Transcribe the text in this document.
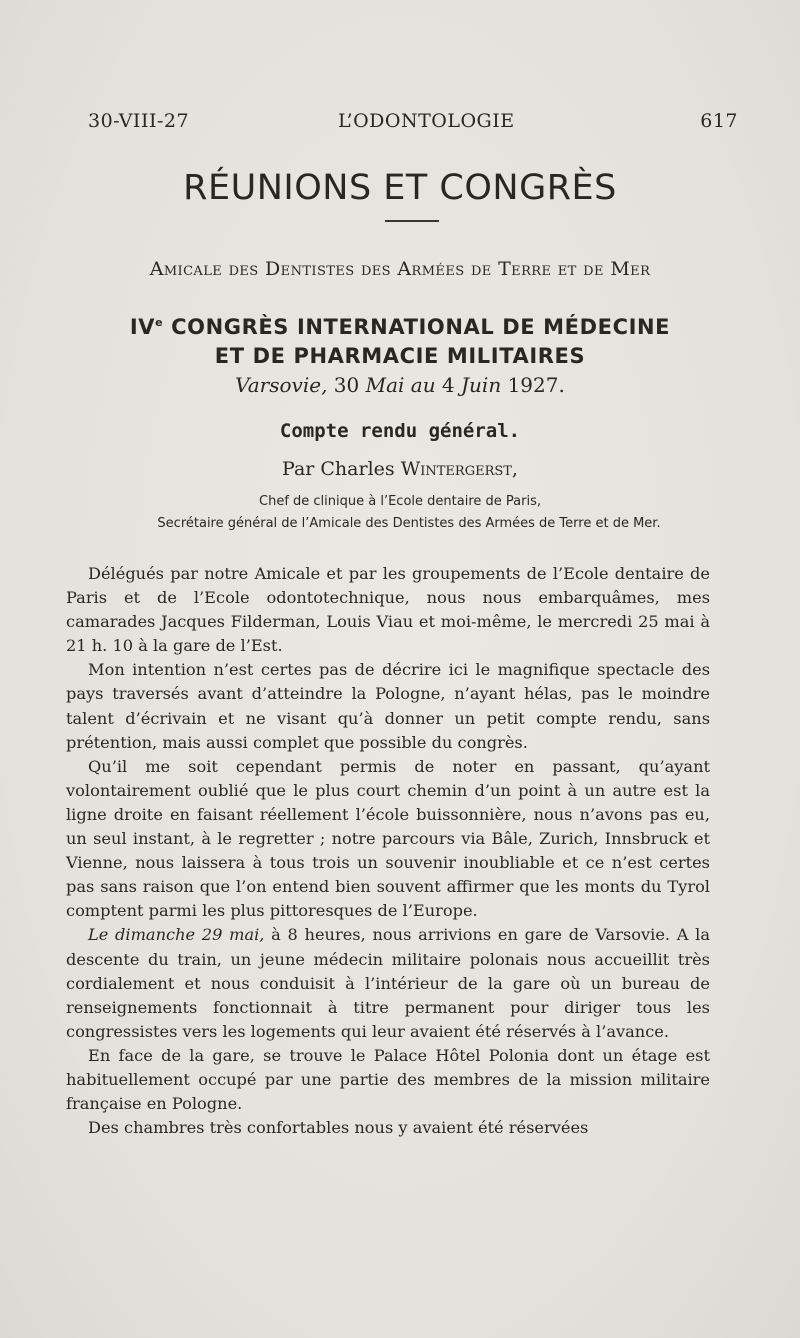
30-VIII-27	L’ODONTOLOGIE	617
RÉUNIONS ET CONGRÈS
Amicale des Dentistes des Armées de Terre et de Mer
IVe CONGRÈS INTERNATIONAL DE MÉDECINE
ET DE PHARMACIE MILITAIRES
Varsovie, 30 Mai au 4 Juin 1927.
Compte rendu général.
Par Charles Wintergerst,
Chef de clinique à l’Ecole dentaire de Paris,
Secrétaire général de l’Amicale des Dentistes des Armées de Terre et de Mer.

Délégués par notre Amicale et par les groupements de l’Ecole dentaire de Paris et de l’Ecole odontotechnique, nous nous embarquâmes, mes camarades Jacques Filderman, Louis Viau et moi-même, le mercredi 25 mai à 21 h. 10 à la gare de l’Est.

Mon intention n’est certes pas de décrire ici le magnifique spectacle des pays traversés avant d’atteindre la Pologne, n’ayant hélas, pas le moindre talent d’écrivain et ne visant qu’à donner un petit compte rendu, sans prétention, mais aussi complet que possible du congrès.

Qu’il me soit cependant permis de noter en passant, qu’ayant volontairement oublié que le plus court chemin d’un point à un autre est la ligne droite en faisant réellement l’école buissonnière, nous n’avons pas eu, un seul instant, à le regretter ; notre parcours via Bâle, Zurich, Innsbruck et Vienne, nous laissera à tous trois un souvenir inoubliable et ce n’est certes pas sans raison que l’on entend bien souvent affirmer que les monts du Tyrol comptent parmi les plus pittoresques de l’Europe.

Le dimanche 29 mai, à 8 heures, nous arrivions en gare de Varsovie. A la descente du train, un jeune médecin militaire polonais nous accueillit très cordialement et nous conduisit à l’intérieur de la gare où un bureau de renseignements fonctionnait à titre permanent pour diriger tous les congressistes vers les logements qui leur avaient été réservés à l’avance.

En face de la gare, se trouve le Palace Hôtel Polonia dont un étage est habituellement occupé par une partie des membres de la mission militaire française en Pologne.

Des chambres très confortables nous y avaient été réservées
